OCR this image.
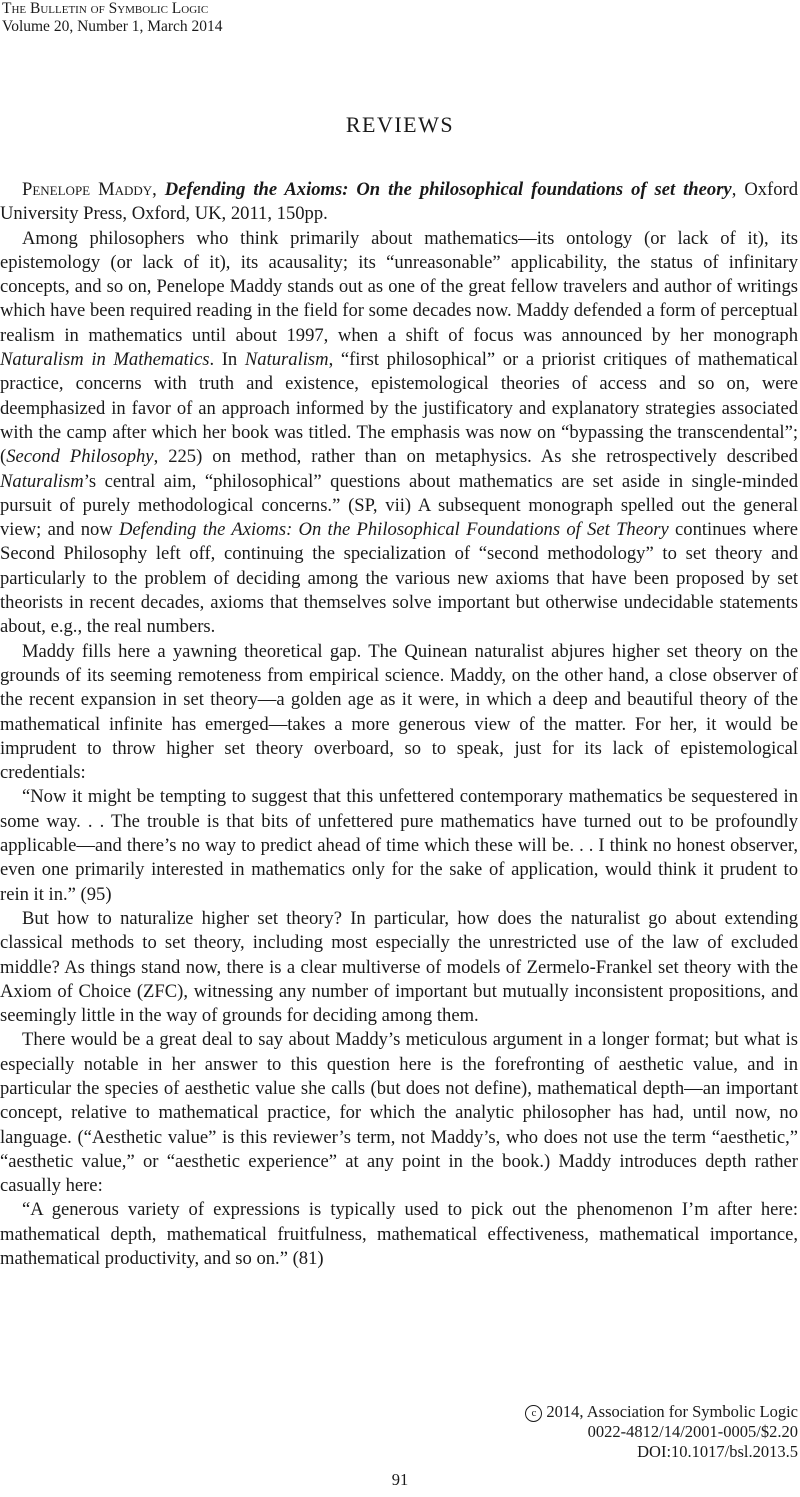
The Bulletin of Symbolic Logic
Volume 20, Number 1, March 2014
REVIEWS

Penelope Maddy, Defending the Axioms: On the philosophical foundations of set theory, Oxford University Press, Oxford, UK, 2011, 150pp.

Among philosophers who think primarily about mathematics—its ontology (or lack of it), its epistemology (or lack of it), its acausality; its “unreasonable” applicability, the status of infinitary concepts, and so on, Penelope Maddy stands out as one of the great fellow travelers and author of writings which have been required reading in the field for some decades now. Maddy defended a form of perceptual realism in mathematics until about 1997, when a shift of focus was announced by her monograph Naturalism in Mathematics. In Naturalism, “first philosophical” or a priorist critiques of mathematical practice, concerns with truth and existence, epistemological theories of access and so on, were deemphasized in favor of an approach informed by the justificatory and explanatory strategies associated with the camp after which her book was titled. The emphasis was now on “bypassing the transcendental”; (Second Philosophy, 225) on method, rather than on metaphysics. As she retrospectively described Naturalism’s central aim, “philosophical” questions about mathematics are set aside in single-minded pursuit of purely methodological concerns.” (SP, vii) A subsequent monograph spelled out the general view; and now Defending the Axioms: On the Philosophical Foundations of Set Theory continues where Second Philosophy left off, continuing the specialization of “second methodology” to set theory and particularly to the problem of deciding among the various new axioms that have been proposed by set theorists in recent decades, axioms that themselves solve important but otherwise undecidable statements about, e.g., the real numbers.

Maddy fills here a yawning theoretical gap. The Quinean naturalist abjures higher set theory on the grounds of its seeming remoteness from empirical science. Maddy, on the other hand, a close observer of the recent expansion in set theory—a golden age as it were, in which a deep and beautiful theory of the mathematical infinite has emerged—takes a more generous view of the matter. For her, it would be imprudent to throw higher set theory overboard, so to speak, just for its lack of epistemological credentials:

“Now it might be tempting to suggest that this unfettered contemporary mathematics be sequestered in some way. . . The trouble is that bits of unfettered pure mathematics have turned out to be profoundly applicable—and there’s no way to predict ahead of time which these will be. . . I think no honest observer, even one primarily interested in mathematics only for the sake of application, would think it prudent to rein it in.” (95)

But how to naturalize higher set theory? In particular, how does the naturalist go about extending classical methods to set theory, including most especially the unrestricted use of the law of excluded middle? As things stand now, there is a clear multiverse of models of Zermelo-Frankel set theory with the Axiom of Choice (ZFC), witnessing any number of important but mutually inconsistent propositions, and seemingly little in the way of grounds for deciding among them.

There would be a great deal to say about Maddy’s meticulous argument in a longer format; but what is especially notable in her answer to this question here is the forefronting of aesthetic value, and in particular the species of aesthetic value she calls (but does not define), mathematical depth—an important concept, relative to mathematical practice, for which the analytic philosopher has had, until now, no language. (“Aesthetic value” is this reviewer’s term, not Maddy’s, who does not use the term “aesthetic,” “aesthetic value,” or “aesthetic experience” at any point in the book.) Maddy introduces depth rather casually here:

“A generous variety of expressions is typically used to pick out the phenomenon I’m after here: mathematical depth, mathematical fruitfulness, mathematical effectiveness, mathematical importance, mathematical productivity, and so on.” (81)

c 2014, Association for Symbolic Logic
0022-4812/14/2001-0005/$2.20
DOI:10.1017/bsl.2013.5
91
